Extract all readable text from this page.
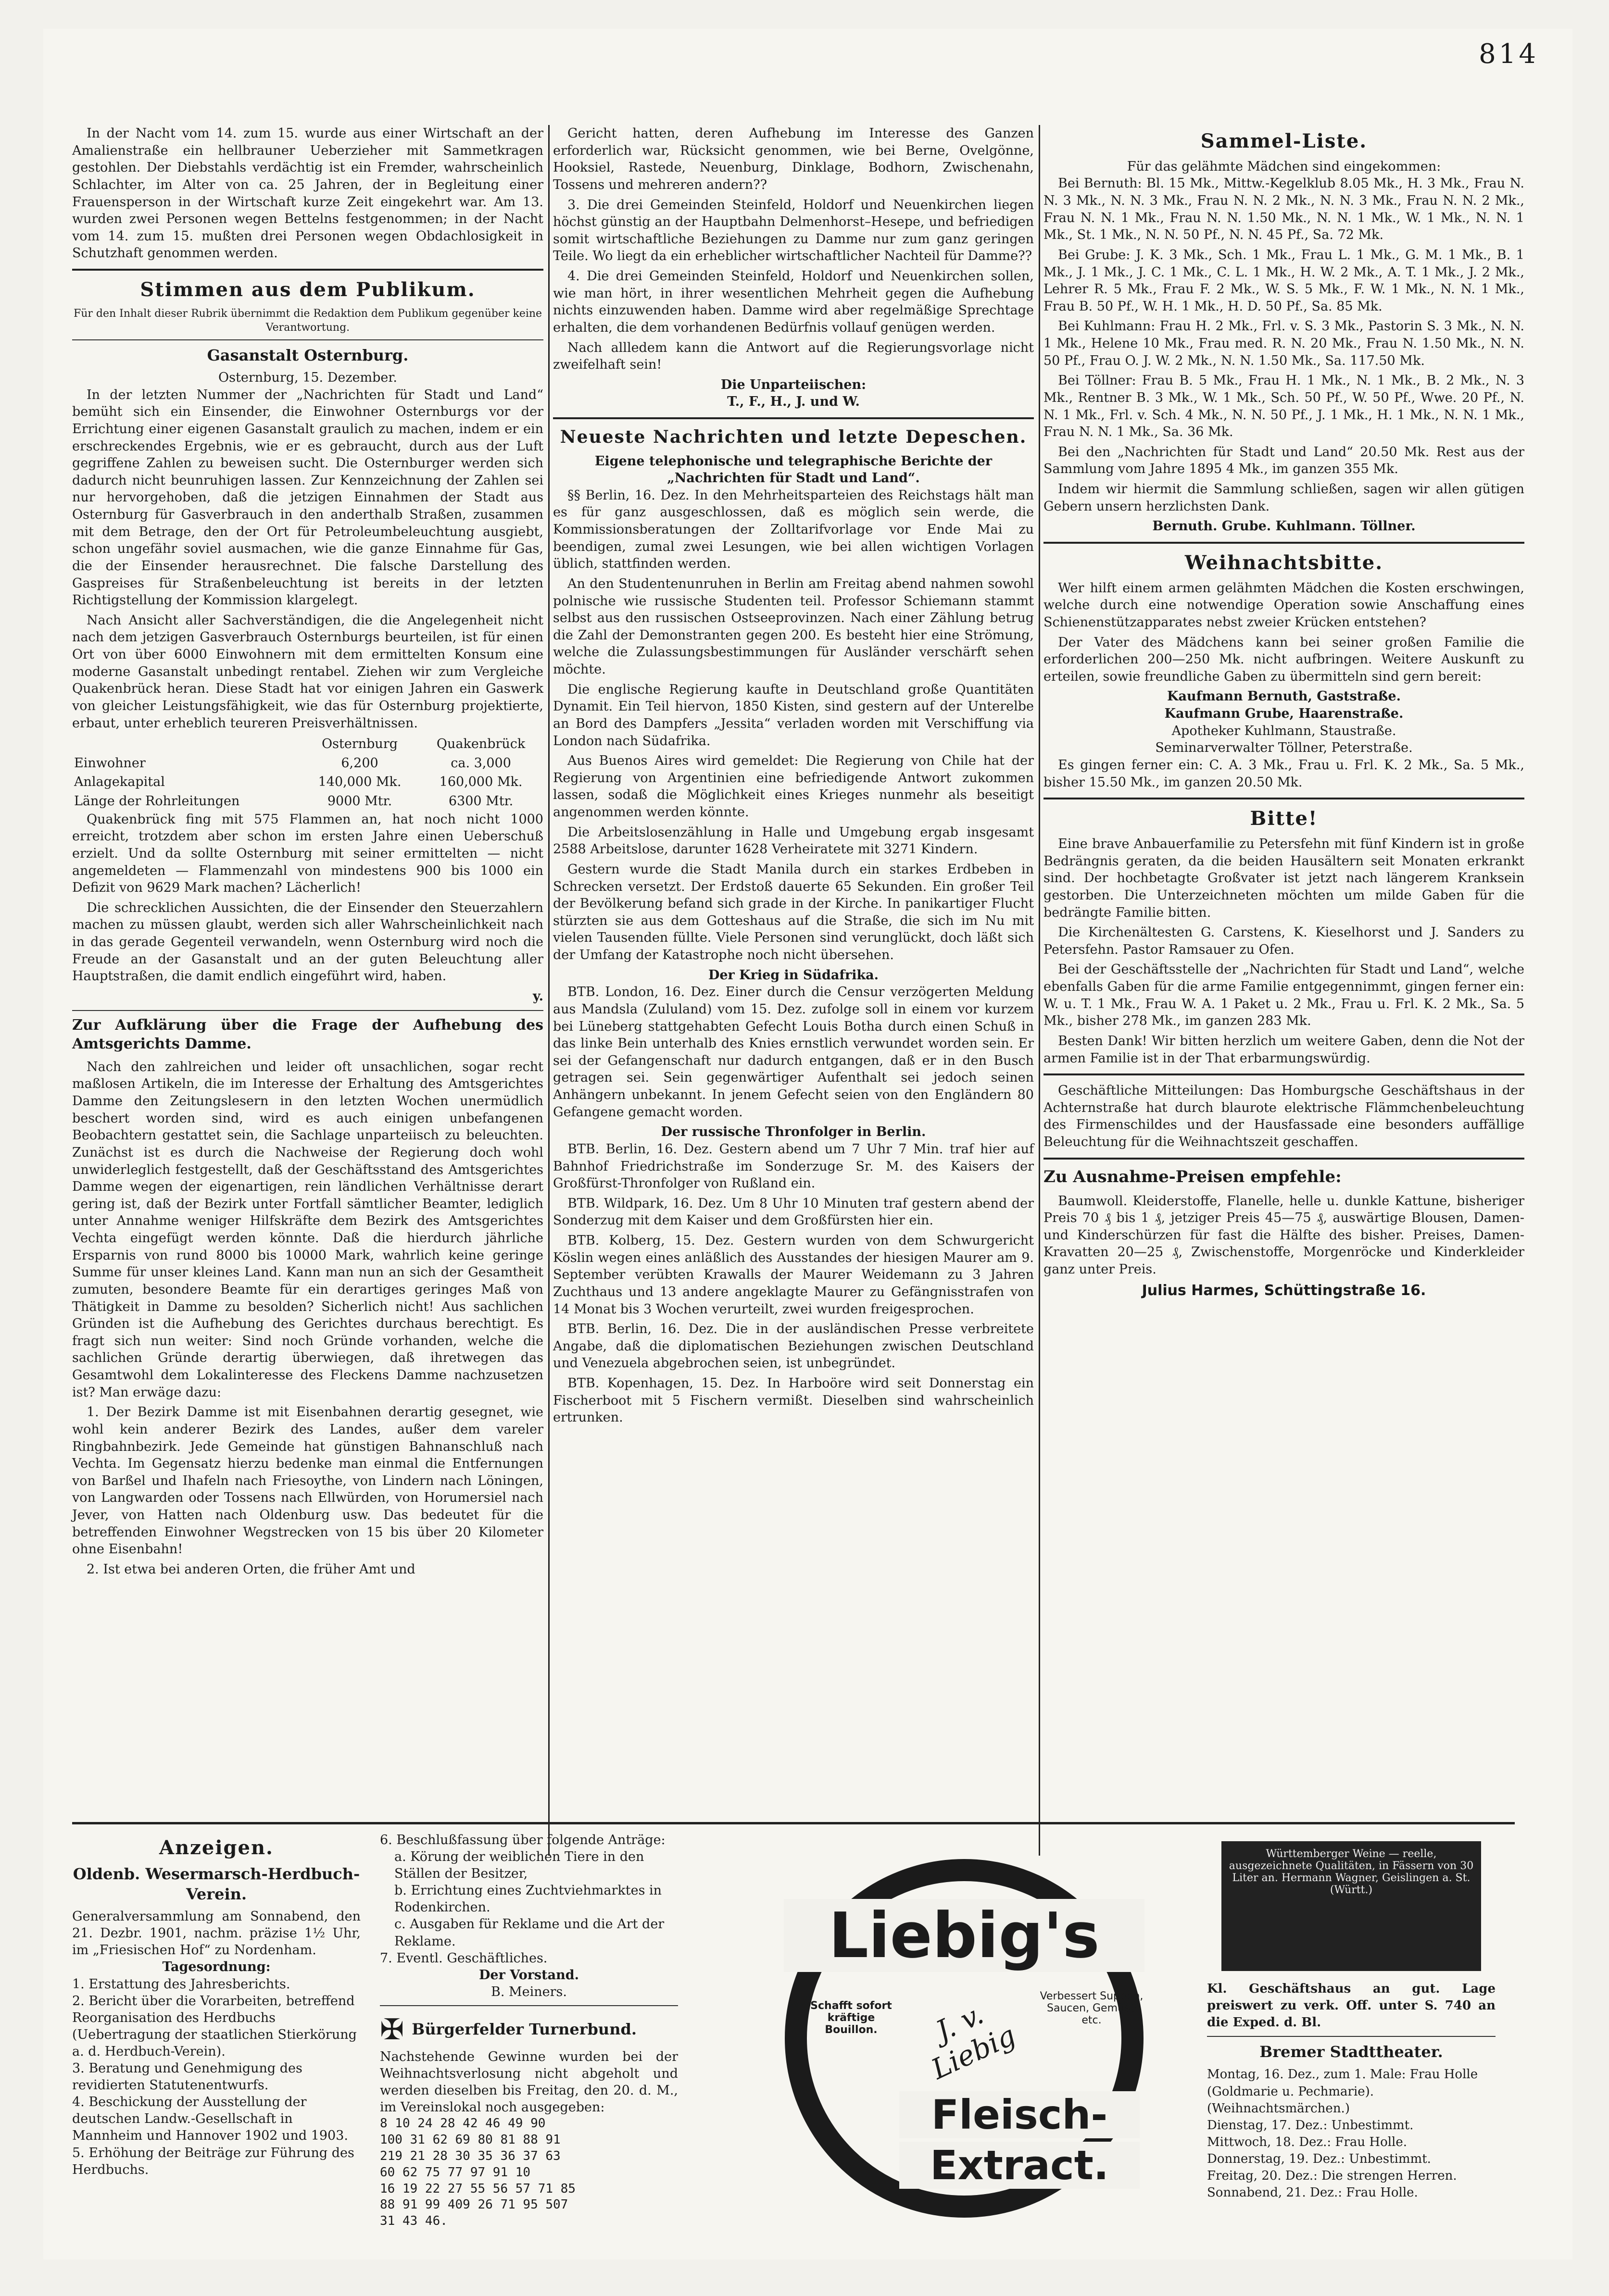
814

In der Nacht vom 14. zum 15. wurde aus einer Wirtschaft an der Amalienstraße ein hellbrauner Ueberzieher mit Sammetkragen gestohlen. Der Diebstahls verdächtig ist ein Fremder, wahrscheinlich Schlachter, im Alter von ca. 25 Jahren, der in Begleitung einer Frauensperson in der Wirtschaft kurze Zeit eingekehrt war. Am 13. wurden zwei Personen wegen Bettelns festgenommen; in der Nacht vom 14. zum 15. mußten drei Personen wegen Obdachlosigkeit in Schutzhaft genommen werden.

Stimmen aus dem Publikum.
Für den Inhalt dieser Rubrik übernimmt die Redaktion dem Publikum gegenüber keine Verantwortung.
Gasanstalt Osternburg.
Osternburg, 15. Dezember.

In der letzten Nummer der „Nachrichten für Stadt und Land“ bemüht sich ein Einsender, die Einwohner Osternburgs vor der Errichtung einer eigenen Gasanstalt graulich zu machen, indem er ein erschreckendes Ergebnis, wie er es gebraucht, durch aus der Luft gegriffene Zahlen zu beweisen sucht. Die Osternburger werden sich dadurch nicht beunruhigen lassen. Zur Kennzeichnung der Zahlen sei nur hervorgehoben, daß die jetzigen Einnahmen der Stadt aus Osternburg für Gasverbrauch in den anderthalb Straßen, zusammen mit dem Betrage, den der Ort für Petroleumbeleuchtung ausgiebt, schon ungefähr soviel ausmachen, wie die ganze Einnahme für Gas, die der Einsender herausrechnet. Die falsche Darstellung des Gaspreises für Straßenbeleuchtung ist bereits in der letzten Richtigstellung der Kommission klargelegt.

Nach Ansicht aller Sachverständigen, die die Angelegenheit nicht nach dem jetzigen Gasverbrauch Osternburgs beurteilen, ist für einen Ort von über 6000 Einwohnern mit dem ermittelten Konsum eine moderne Gasanstalt unbedingt rentabel. Ziehen wir zum Vergleiche Quakenbrück heran. Diese Stadt hat vor einigen Jahren ein Gaswerk von gleicher Leistungsfähigkeit, wie das für Osternburg projektierte, erbaut, unter erheblich teureren Preisverhältnissen.

	Osternburg	Quakenbrück
Einwohner	6,200	ca. 3,000
Anlagekapital	140,000 Mk.	160,000 Mk.
Länge der Rohrleitungen	9000 Mtr.	6300 Mtr.

Quakenbrück fing mit 575 Flammen an, hat noch nicht 1000 erreicht, trotzdem aber schon im ersten Jahre einen Ueberschuß erzielt. Und da sollte Osternburg mit seiner ermittelten — nicht angemeldeten — Flammenzahl von mindestens 900 bis 1000 ein Defizit von 9629 Mark machen? Lächerlich!

Die schrecklichen Aussichten, die der Einsender den Steuerzahlern machen zu müssen glaubt, werden sich aller Wahrscheinlichkeit nach in das gerade Gegenteil verwandeln, wenn Osternburg wird noch die Freude an der Gasanstalt und an der guten Beleuchtung aller Hauptstraßen, die damit endlich eingeführt wird, haben.

y.
Zur Aufklärung über die Frage der Aufhebung des Amtsgerichts Damme.

Nach den zahlreichen und leider oft unsachlichen, sogar recht maßlosen Artikeln, die im Interesse der Erhaltung des Amtsgerichtes Damme den Zeitungslesern in den letzten Wochen unermüdlich beschert worden sind, wird es auch einigen unbefangenen Beobachtern gestattet sein, die Sachlage unparteiisch zu beleuchten. Zunächst ist es durch die Nachweise der Regierung doch wohl unwiderleglich festgestellt, daß der Geschäftsstand des Amtsgerichtes Damme wegen der eigenartigen, rein ländlichen Verhältnisse derart gering ist, daß der Bezirk unter Fortfall sämtlicher Beamter, lediglich unter Annahme weniger Hilfskräfte dem Bezirk des Amtsgerichtes Vechta eingefügt werden könnte. Daß die hierdurch jährliche Ersparnis von rund 8000 bis 10000 Mark, wahrlich keine geringe Summe für unser kleines Land. Kann man nun an sich der Gesamtheit zumuten, besondere Beamte für ein derartiges geringes Maß von Thätigkeit in Damme zu besolden? Sicherlich nicht! Aus sachlichen Gründen ist die Aufhebung des Gerichtes durchaus berechtigt. Es fragt sich nun weiter: Sind noch Gründe vorhanden, welche die sachlichen Gründe derartig überwiegen, daß ihretwegen das Gesamtwohl dem Lokalinteresse des Fleckens Damme nachzusetzen ist? Man erwäge dazu:

1. Der Bezirk Damme ist mit Eisenbahnen derartig gesegnet, wie wohl kein anderer Bezirk des Landes, außer dem vareler Ringbahnbezirk. Jede Gemeinde hat günstigen Bahnanschluß nach Vechta. Im Gegensatz hierzu bedenke man einmal die Entfernungen von Barßel und Ihafeln nach Friesoythe, von Lindern nach Löningen, von Langwarden oder Tossens nach Ellwürden, von Horumersiel nach Jever, von Hatten nach Oldenburg usw. Das bedeutet für die betreffenden Einwohner Wegstrecken von 15 bis über 20 Kilometer ohne Eisenbahn!

2. Ist etwa bei anderen Orten, die früher Amt und

Gericht hatten, deren Aufhebung im Interesse des Ganzen erforderlich war, Rücksicht genommen, wie bei Berne, Ovelgönne, Hooksiel, Rastede, Neuenburg, Dinklage, Bodhorn, Zwischenahn, Tossens und mehreren andern??

3. Die drei Gemeinden Steinfeld, Holdorf und Neuenkirchen liegen höchst günstig an der Hauptbahn Delmenhorst–Hesepe, und befriedigen somit wirtschaftliche Beziehungen zu Damme nur zum ganz geringen Teile. Wo liegt da ein erheblicher wirtschaftlicher Nachteil für Damme??

4. Die drei Gemeinden Steinfeld, Holdorf und Neuenkirchen sollen, wie man hört, in ihrer wesentlichen Mehrheit gegen die Aufhebung nichts einzuwenden haben. Damme wird aber regelmäßige Sprechtage erhalten, die dem vorhandenen Bedürfnis vollauf genügen werden.

Nach allledem kann die Antwort auf die Regierungsvorlage nicht zweifelhaft sein!

Die Unparteiischen:
T., F., H., J. und W.
Neueste Nachrichten und letzte Depeschen.
Eigene telephonische und telegraphische Berichte der „Nachrichten für Stadt und Land“.

§§ Berlin, 16. Dez. In den Mehrheitsparteien des Reichstags hält man es für ganz ausgeschlossen, daß es möglich sein werde, die Kommissionsberatungen der Zolltarifvorlage vor Ende Mai zu beendigen, zumal zwei Lesungen, wie bei allen wichtigen Vorlagen üblich, stattfinden werden.

An den Studentenunruhen in Berlin am Freitag abend nahmen sowohl polnische wie russische Studenten teil. Professor Schiemann stammt selbst aus den russischen Ostseeprovinzen. Nach einer Zählung betrug die Zahl der Demonstranten gegen 200. Es besteht hier eine Strömung, welche die Zulassungsbestimmungen für Ausländer verschärft sehen möchte.

Die englische Regierung kaufte in Deutschland große Quantitäten Dynamit. Ein Teil hiervon, 1850 Kisten, sind gestern auf der Unterelbe an Bord des Dampfers „Jessita“ verladen worden mit Verschiffung via London nach Südafrika.

Aus Buenos Aires wird gemeldet: Die Regierung von Chile hat der Regierung von Argentinien eine befriedigende Antwort zukommen lassen, sodaß die Möglichkeit eines Krieges nunmehr als beseitigt angenommen werden könnte.

Die Arbeitslosenzählung in Halle und Umgebung ergab insgesamt 2588 Arbeitslose, darunter 1628 Verheiratete mit 3271 Kindern.

Gestern wurde die Stadt Manila durch ein starkes Erdbeben in Schrecken versetzt. Der Erdstoß dauerte 65 Sekunden. Ein großer Teil der Bevölkerung befand sich grade in der Kirche. In panikartiger Flucht stürzten sie aus dem Gotteshaus auf die Straße, die sich im Nu mit vielen Tausenden füllte. Viele Personen sind verunglückt, doch läßt sich der Umfang der Katastrophe noch nicht übersehen.

Der Krieg in Südafrika.

BTB. London, 16. Dez. Einer durch die Censur verzögerten Meldung aus Mandsla (Zululand) vom 15. Dez. zufolge soll in einem vor kurzem bei Lüneberg stattgehabten Gefecht Louis Botha durch einen Schuß in das linke Bein unterhalb des Knies ernstlich verwundet worden sein. Er sei der Gefangenschaft nur dadurch entgangen, daß er in den Busch getragen sei. Sein gegenwärtiger Aufenthalt sei jedoch seinen Anhängern unbekannt. In jenem Gefecht seien von den Engländern 80 Gefangene gemacht worden.

Der russische Thronfolger in Berlin.

BTB. Berlin, 16. Dez. Gestern abend um 7 Uhr 7 Min. traf hier auf Bahnhof Friedrichstraße im Sonderzuge Sr. M. des Kaisers der Großfürst-Thronfolger von Rußland ein.

BTB. Wildpark, 16. Dez. Um 8 Uhr 10 Minuten traf gestern abend der Sonderzug mit dem Kaiser und dem Großfürsten hier ein.

BTB. Kolberg, 15. Dez. Gestern wurden von dem Schwurgericht Köslin wegen eines anläßlich des Ausstandes der hiesigen Maurer am 9. September verübten Krawalls der Maurer Weidemann zu 3 Jahren Zuchthaus und 13 andere angeklagte Maurer zu Gefängnisstrafen von 14 Monat bis 3 Wochen verurteilt, zwei wurden freigesprochen.

BTB. Berlin, 16. Dez. Die in der ausländischen Presse verbreitete Angabe, daß die diplomatischen Beziehungen zwischen Deutschland und Venezuela abgebrochen seien, ist unbegründet.

BTB. Kopenhagen, 15. Dez. In Harboöre wird seit Donnerstag ein Fischerboot mit 5 Fischern vermißt. Dieselben sind wahrscheinlich ertrunken.

Sammel-Liste.
Für das gelähmte Mädchen sind eingekommen:

Bei Bernuth: Bl. 15 Mk., Mittw.-Kegelklub 8.05 Mk., H. 3 Mk., Frau N. N. 3 Mk., N. N. 3 Mk., Frau N. N. 2 Mk., N. N. 3 Mk., Frau N. N. 2 Mk., Frau N. N. 1 Mk., Frau N. N. 1.50 Mk., N. N. 1 Mk., W. 1 Mk., N. N. 1 Mk., St. 1 Mk., N. N. 50 Pf., N. N. 45 Pf., Sa. 72 Mk.

Bei Grube: J. K. 3 Mk., Sch. 1 Mk., Frau L. 1 Mk., G. M. 1 Mk., B. 1 Mk., J. 1 Mk., J. C. 1 Mk., C. L. 1 Mk., H. W. 2 Mk., A. T. 1 Mk., J. 2 Mk., Lehrer R. 5 Mk., Frau F. 2 Mk., W. S. 5 Mk., F. W. 1 Mk., N. N. 1 Mk., Frau B. 50 Pf., W. H. 1 Mk., H. D. 50 Pf., Sa. 85 Mk.

Bei Kuhlmann: Frau H. 2 Mk., Frl. v. S. 3 Mk., Pastorin S. 3 Mk., N. N. 1 Mk., Helene 10 Mk., Frau med. R. N. 20 Mk., Frau N. 1.50 Mk., N. N. 50 Pf., Frau O. J. W. 2 Mk., N. N. 1.50 Mk., Sa. 117.50 Mk.

Bei Töllner: Frau B. 5 Mk., Frau H. 1 Mk., N. 1 Mk., B. 2 Mk., N. 3 Mk., Rentner B. 3 Mk., W. 1 Mk., Sch. 50 Pf., W. 50 Pf., Wwe. 20 Pf., N. N. 1 Mk., Frl. v. Sch. 4 Mk., N. N. 50 Pf., J. 1 Mk., H. 1 Mk., N. N. 1 Mk., Frau N. N. 1 Mk., Sa. 36 Mk.

Bei den „Nachrichten für Stadt und Land“ 20.50 Mk. Rest aus der Sammlung vom Jahre 1895 4 Mk., im ganzen 355 Mk.

Indem wir hiermit die Sammlung schließen, sagen wir allen gütigen Gebern unsern herzlichsten Dank.

Bernuth. Grube. Kuhlmann. Töllner.
Weihnachtsbitte.

Wer hilft einem armen gelähmten Mädchen die Kosten erschwingen, welche durch eine notwendige Operation sowie Anschaffung eines Schienenstützapparates nebst zweier Krücken entstehen?

Der Vater des Mädchens kann bei seiner großen Familie die erforderlichen 200—250 Mk. nicht aufbringen. Weitere Auskunft zu erteilen, sowie freundliche Gaben zu übermitteln sind gern bereit:

Kaufmann Bernuth, Gaststraße.
Kaufmann Grube, Haarenstraße.
Apotheker Kuhlmann, Staustraße.
Seminarverwalter Töllner, Peterstraße.

Es gingen ferner ein: C. A. 3 Mk., Frau u. Frl. K. 2 Mk., Sa. 5 Mk., bisher 15.50 Mk., im ganzen 20.50 Mk.

Bitte!

Eine brave Anbauerfamilie zu Petersfehn mit fünf Kindern ist in große Bedrängnis geraten, da die beiden Hausältern seit Monaten erkrankt sind. Der hochbetagte Großvater ist jetzt nach längerem Kranksein gestorben. Die Unterzeichneten möchten um milde Gaben für die bedrängte Familie bitten.

Die Kirchenältesten G. Carstens, K. Kieselhorst und J. Sanders zu Petersfehn. Pastor Ramsauer zu Ofen.

Bei der Geschäftsstelle der „Nachrichten für Stadt und Land“, welche ebenfalls Gaben für die arme Familie entgegennimmt, gingen ferner ein: W. u. T. 1 Mk., Frau W. A. 1 Paket u. 2 Mk., Frau u. Frl. K. 2 Mk., Sa. 5 Mk., bisher 278 Mk., im ganzen 283 Mk.

Besten Dank! Wir bitten herzlich um weitere Gaben, denn die Not der armen Familie ist in der That erbarmungswürdig.

Geschäftliche Mitteilungen: Das Homburgsche Geschäftshaus in der Achternstraße hat durch blaurote elektrische Flämmchenbeleuchtung des Firmenschildes und der Hausfassade eine besonders auffällige Beleuchtung für die Weihnachtszeit geschaffen.

Zu Ausnahme-Preisen empfehle:

Baumwoll. Kleiderstoffe, Flanelle, helle u. dunkle Kattune, bisheriger Preis 70 ₰ bis 1 ₰, jetziger Preis 45—75 ₰, auswärtige Blousen, Damen- und Kinderschürzen für fast die Hälfte des bisher. Preises, Damen-Kravatten 20—25 ₰, Zwischenstoffe, Morgenröcke und Kinderkleider ganz unter Preis.

Julius Harmes, Schüttingstraße 16.
Anzeigen.
Oldenb. Wesermarsch-Herdbuch-Verein.
Generalversammlung am Sonnabend, den 21. Dezbr. 1901, nachm. präzise 1½ Uhr, im „Friesischen Hof“ zu Nordenham.
Tagesordnung:
1. Erstattung des Jahresberichts.
2. Bericht über die Vorarbeiten, betreffend Reorganisation des Herdbuchs (Uebertragung der staatlichen Stierkörung a. d. Herdbuch-Verein).
3. Beratung und Genehmigung des revidierten Statutenentwurfs.
4. Beschickung der Ausstellung der deutschen Landw.-Gesellschaft in Mannheim und Hannover 1902 und 1903.
5. Erhöhung der Beiträge zur Führung des Herdbuchs.
6. Beschlußfassung über folgende Anträge:
a. Körung der weiblichen Tiere in den Ställen der Besitzer,
b. Errichtung eines Zuchtviehmarktes in Rodenkirchen.
c. Ausgaben für Reklame und die Art der Reklame.
7. Eventl. Geschäftliches.
Der Vorstand.
B. Meiners.
✠ Bürgerfelder Turnerbund.
Nachstehende Gewinne wurden bei der Weihnachtsverlosung nicht abgeholt und werden dieselben bis Freitag, den 20. d. M., im Vereinslokal noch ausgegeben:
8 10 24 28 42 46 49 90
100 31 62 69 80 81 88 91
219 21 28 30 35 36 37 63
60 62 75 77 97 91 10
16 19 22 27 55 56 57 71 85
88 91 99 409 26 71 95 507
31 43 46.
Liebig's
Schafft sofort kräftige Bouillon.	J. v. Liebig
Verbessert Suppen, Saucen, Gemüse etc.
Fleisch-
Extract.
Württemberger Weine — reelle, ausgezeichnete Qualitäten, in Fässern von 30 Liter an. Hermann Wagner, Geislingen a. St. (Württ.)
Kl. Geschäftshaus an gut. Lage preiswert zu verk. Off. unter S. 740 an die Exped. d. Bl.
Bremer Stadttheater.
Montag, 16. Dez., zum 1. Male: Frau Holle (Goldmarie u. Pechmarie). (Weihnachtsmärchen.)
Dienstag, 17. Dez.: Unbestimmt.
Mittwoch, 18. Dez.: Frau Holle.
Donnerstag, 19. Dez.: Unbestimmt.
Freitag, 20. Dez.: Die strengen Herren.
Sonnabend, 21. Dez.: Frau Holle.
